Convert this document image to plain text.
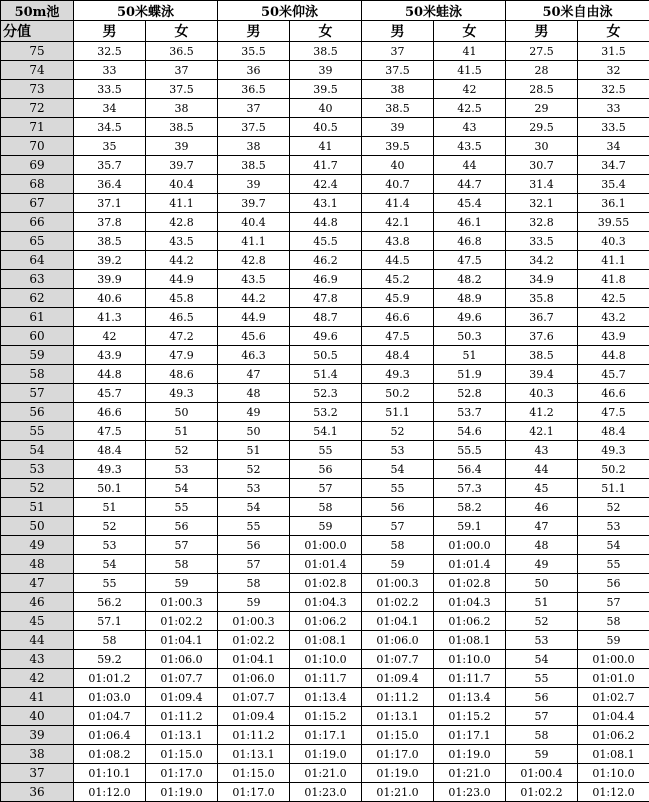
50m池	50米蝶泳		50米仰泳		50米蛙泳		50米自由泳	
分值	男	女	男	女	男	女	男	女
75	32.5	36.5	35.5	38.5	37	41	27.5	31.5
74	33	37	36	39	37.5	41.5	28	32
73	33.5	37.5	36.5	39.5	38	42	28.5	32.5
72	34	38	37	40	38.5	42.5	29	33
71	34.5	38.5	37.5	40.5	39	43	29.5	33.5
70	35	39	38	41	39.5	43.5	30	34
69	35.7	39.7	38.5	41.7	40	44	30.7	34.7
68	36.4	40.4	39	42.4	40.7	44.7	31.4	35.4
67	37.1	41.1	39.7	43.1	41.4	45.4	32.1	36.1
66	37.8	42.8	40.4	44.8	42.1	46.1	32.8	39.55
65	38.5	43.5	41.1	45.5	43.8	46.8	33.5	40.3
64	39.2	44.2	42.8	46.2	44.5	47.5	34.2	41.1
63	39.9	44.9	43.5	46.9	45.2	48.2	34.9	41.8
62	40.6	45.8	44.2	47.8	45.9	48.9	35.8	42.5
61	41.3	46.5	44.9	48.7	46.6	49.6	36.7	43.2
60	42	47.2	45.6	49.6	47.5	50.3	37.6	43.9
59	43.9	47.9	46.3	50.5	48.4	51	38.5	44.8
58	44.8	48.6	47	51.4	49.3	51.9	39.4	45.7
57	45.7	49.3	48	52.3	50.2	52.8	40.3	46.6
56	46.6	50	49	53.2	51.1	53.7	41.2	47.5
55	47.5	51	50	54.1	52	54.6	42.1	48.4
54	48.4	52	51	55	53	55.5	43	49.3
53	49.3	53	52	56	54	56.4	44	50.2
52	50.1	54	53	57	55	57.3	45	51.1
51	51	55	54	58	56	58.2	46	52
50	52	56	55	59	57	59.1	47	53
49	53	57	56	01:00.0	58	01:00.0	48	54
48	54	58	57	01:01.4	59	01:01.4	49	55
47	55	59	58	01:02.8	01:00.3	01:02.8	50	56
46	56.2	01:00.3	59	01:04.3	01:02.2	01:04.3	51	57
45	57.1	01:02.2	01:00.3	01:06.2	01:04.1	01:06.2	52	58
44	58	01:04.1	01:02.2	01:08.1	01:06.0	01:08.1	53	59
43	59.2	01:06.0	01:04.1	01:10.0	01:07.7	01:10.0	54	01:00.0
42	01:01.2	01:07.7	01:06.0	01:11.7	01:09.4	01:11.7	55	01:01.0
41	01:03.0	01:09.4	01:07.7	01:13.4	01:11.2	01:13.4	56	01:02.7
40	01:04.7	01:11.2	01:09.4	01:15.2	01:13.1	01:15.2	57	01:04.4
39	01:06.4	01:13.1	01:11.2	01:17.1	01:15.0	01:17.1	58	01:06.2
38	01:08.2	01:15.0	01:13.1	01:19.0	01:17.0	01:19.0	59	01:08.1
37	01:10.1	01:17.0	01:15.0	01:21.0	01:19.0	01:21.0	01:00.4	01:10.0
36	01:12.0	01:19.0	01:17.0	01:23.0	01:21.0	01:23.0	01:02.2	01:12.0
